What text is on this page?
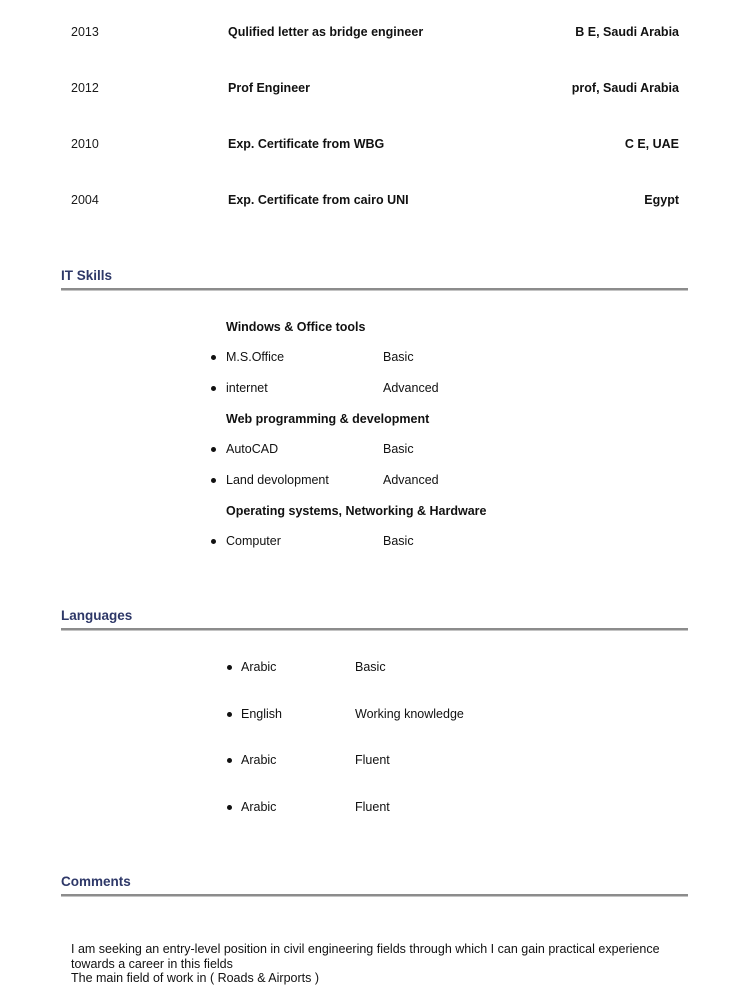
2013	Qulified letter as bridge engineer	B E, Saudi Arabia
2012	Prof Engineer	prof, Saudi Arabia
2010	Exp. Certificate from WBG	C E, UAE
2004	Exp. Certificate from cairo UNI	Egypt
IT Skills
Windows & Office tools
M.S.Office	Basic
internet	Advanced
Web programming & development
AutoCAD	Basic
Land devolopment	Advanced
Operating systems, Networking & Hardware
Computer	Basic
Languages
Arabic	Basic
English	Working knowledge
Arabic	Fluent
Arabic	Fluent
Comments
I am seeking an entry-level position in civil engineering fields through which I can gain practical experience
towards a career in this fields
The main field of work in ( Roads & Airports )
